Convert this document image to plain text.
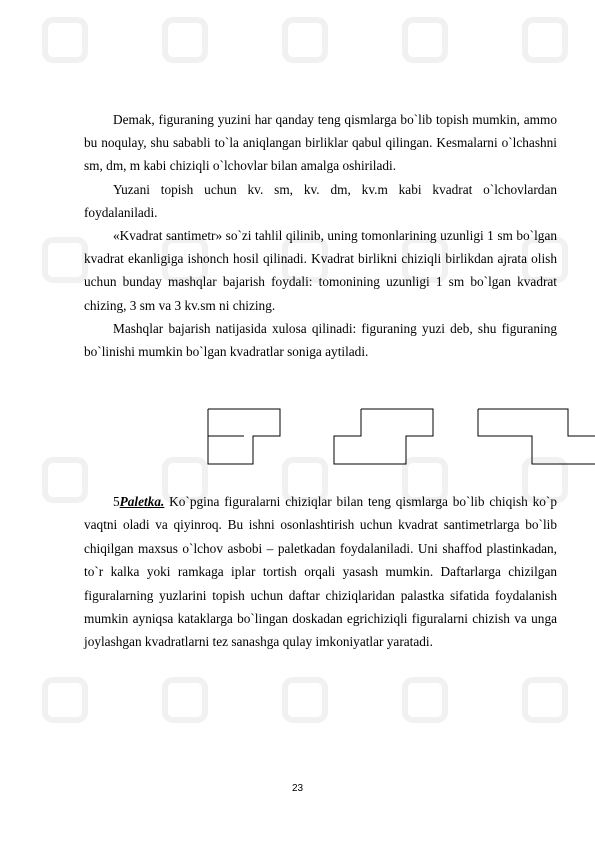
Demak, figuraning yuzini har qanday teng qismlarga bo`lib topish mumkin, ammo bu noqulay, shu sababli to`la aniqlangan birliklar qabul qilingan. Kesmalarni o`lchashni sm, dm, m kabi chiziqli o`lchovlar bilan amalga oshiriladi.

Yuzani topish uchun kv. sm, kv. dm, kv.m kabi kvadrat o`lchovlardan foydalaniladi.

«Kvadrat santimetr» so`zi tahlil qilinib, uning tomonlarining uzunligi 1 sm bo`lgan kvadrat ekanligiga ishonch hosil qilinadi. Kvadrat birlikni chiziqli birlikdan ajrata olish uchun bunday mashqlar bajarish foydali: tomonining uzunligi 1 sm bo`lgan kvadrat chizing, 3 sm va 3 kv.sm ni chizing.

Mashqlar bajarish natijasida xulosa qilinadi: figuraning yuzi deb, shu figuraning bo`linishi mumkin bo`lgan kvadratlar soniga aytiladi.

5Paletka. Ko`pgina figuralarni chiziqlar bilan teng qismlarga bo`lib chiqish ko`p vaqtni oladi va qiyinroq. Bu ishni osonlashtirish uchun kvadrat santimetrlarga bo`lib chiqilgan maxsus o`lchov asbobi – paletkadan foydalaniladi. Uni shaffod plastinkadan, to`r kalka yoki ramkaga iplar tortish orqali yasash mumkin. Daftarlarga chizilgan figuralarning yuzlarini topish uchun daftar chiziqlaridan palastka sifatida foydalanish mumkin ayniqsa kataklarga bo`lingan doskadan egrichiziqli figuralarni chizish va unga joylashgan kvadratlarni tez sanashga qulay imkoniyatlar yaratadi.

23
